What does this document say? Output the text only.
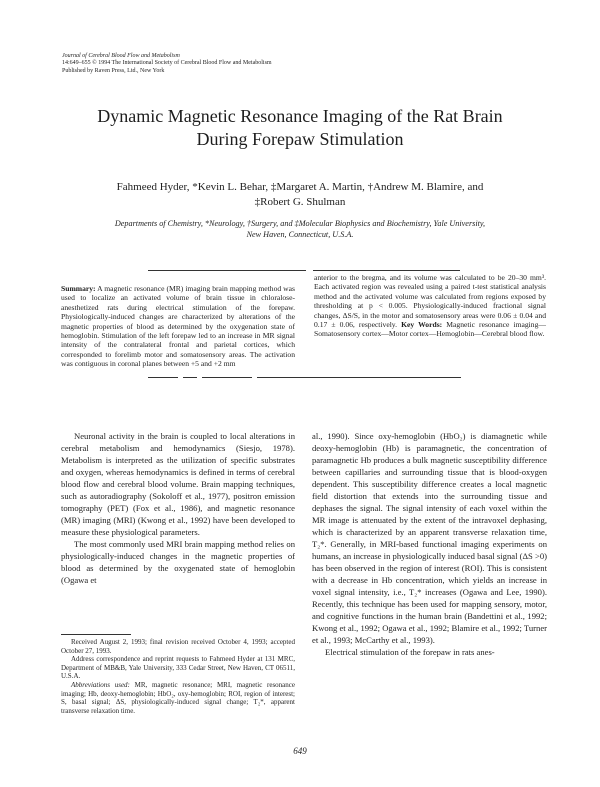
Journal of Cerebral Blood Flow and Metabolism
14:649–655 © 1994 The International Society of Cerebral Blood Flow and Metabolism
Published by Raven Press, Ltd., New York
Dynamic Magnetic Resonance Imaging of the Rat Brain
During Forepaw Stimulation
Fahmeed Hyder, *Kevin L. Behar, ‡Margaret A. Martin, †Andrew M. Blamire, and
‡Robert G. Shulman
Departments of Chemistry, *Neurology, †Surgery, and ‡Molecular Biophysics and Biochemistry, Yale University,
New Haven, Connecticut, U.S.A.
Summary: A magnetic resonance (MR) imaging brain mapping method was used to localize an activated volume of brain tissue in chloralose-anesthetized rats during electrical stimulation of the forepaw. Physiologically-induced changes are characterized by alterations of the magnetic properties of blood as determined by the oxygenation state of hemoglobin. Stimulation of the left forepaw led to an increase in MR signal intensity of the contralateral frontal and parietal cortices, which corresponded to forelimb motor and somatosensory areas. The activation was contiguous in coronal planes between +5 and +2 mm
anterior to the bregma, and its volume was calculated to be 20–30 mm³. Each activated region was revealed using a paired t-test statistical analysis method and the activated volume was calculated from regions exposed by thresholding at p < 0.005. Physiologically-induced fractional signal changes, ΔS/S, in the motor and somatosensory areas were 0.06 ± 0.04 and 0.17 ± 0.06, respectively. Key Words: Magnetic resonance imaging—Somatosensory cortex—Motor cortex—Hemoglobin—Cerebral blood flow.

Neuronal activity in the brain is coupled to local alterations in cerebral metabolism and hemodynamics (Siesjo, 1978). Metabolism is interpreted as the utilization of specific substrates and oxygen, whereas hemodynamics is defined in terms of cerebral blood flow and cerebral blood volume. Brain mapping techniques, such as autoradiography (Sokoloff et al., 1977), positron emission tomography (PET) (Fox et al., 1986), and magnetic resonance (MR) imaging (MRI) (Kwong et al., 1992) have been developed to measure these physiological parameters.

The most commonly used MRI brain mapping method relies on physiologically-induced changes in the magnetic properties of blood as determined by the oxygenated state of hemoglobin (Ogawa et

al., 1990). Since oxy-hemoglobin (HbO₂) is diamagnetic while deoxy-hemoglobin (Hb) is paramagnetic, the concentration of paramagnetic Hb produces a bulk magnetic susceptibility difference between capillaries and surrounding tissue that is blood-oxygen dependent. This susceptibility difference creates a local magnetic field distortion that extends into the surrounding tissue and dephases the signal. The signal intensity of each voxel within the MR image is attenuated by the extent of the intravoxel dephasing, which is characterized by an apparent transverse relaxation time, T₂*. Generally, in MRI-based functional imaging experiments on humans, an increase in physiologically induced basal signal (ΔS >0) has been observed in the region of interest (ROI). This is consistent with a decrease in Hb concentration, which yields an increase in voxel signal intensity, i.e., T₂* increases (Ogawa and Lee, 1990). Recently, this technique has been used for mapping sensory, motor, and cognitive functions in the human brain (Bandettini et al., 1992; Kwong et al., 1992; Ogawa et al., 1992; Blamire et al., 1992; Turner et al., 1993; McCarthy et al., 1993).

Electrical stimulation of the forepaw in rats anes-

Received August 2, 1993; final revision received October 4, 1993; accepted October 27, 1993.

Address correspondence and reprint requests to Fahmeed Hyder at 131 MRC, Department of MB&B, Yale University, 333 Cedar Street, New Haven, CT 06511, U.S.A.

Abbreviations used: MR, magnetic resonance; MRI, magnetic resonance imaging; Hb, deoxy-hemoglobin; HbO₂, oxy-hemoglobin; ROI, region of interest; S, basal signal; ΔS, physiologically-induced signal change; T₂*, apparent transverse relaxation time.

649
